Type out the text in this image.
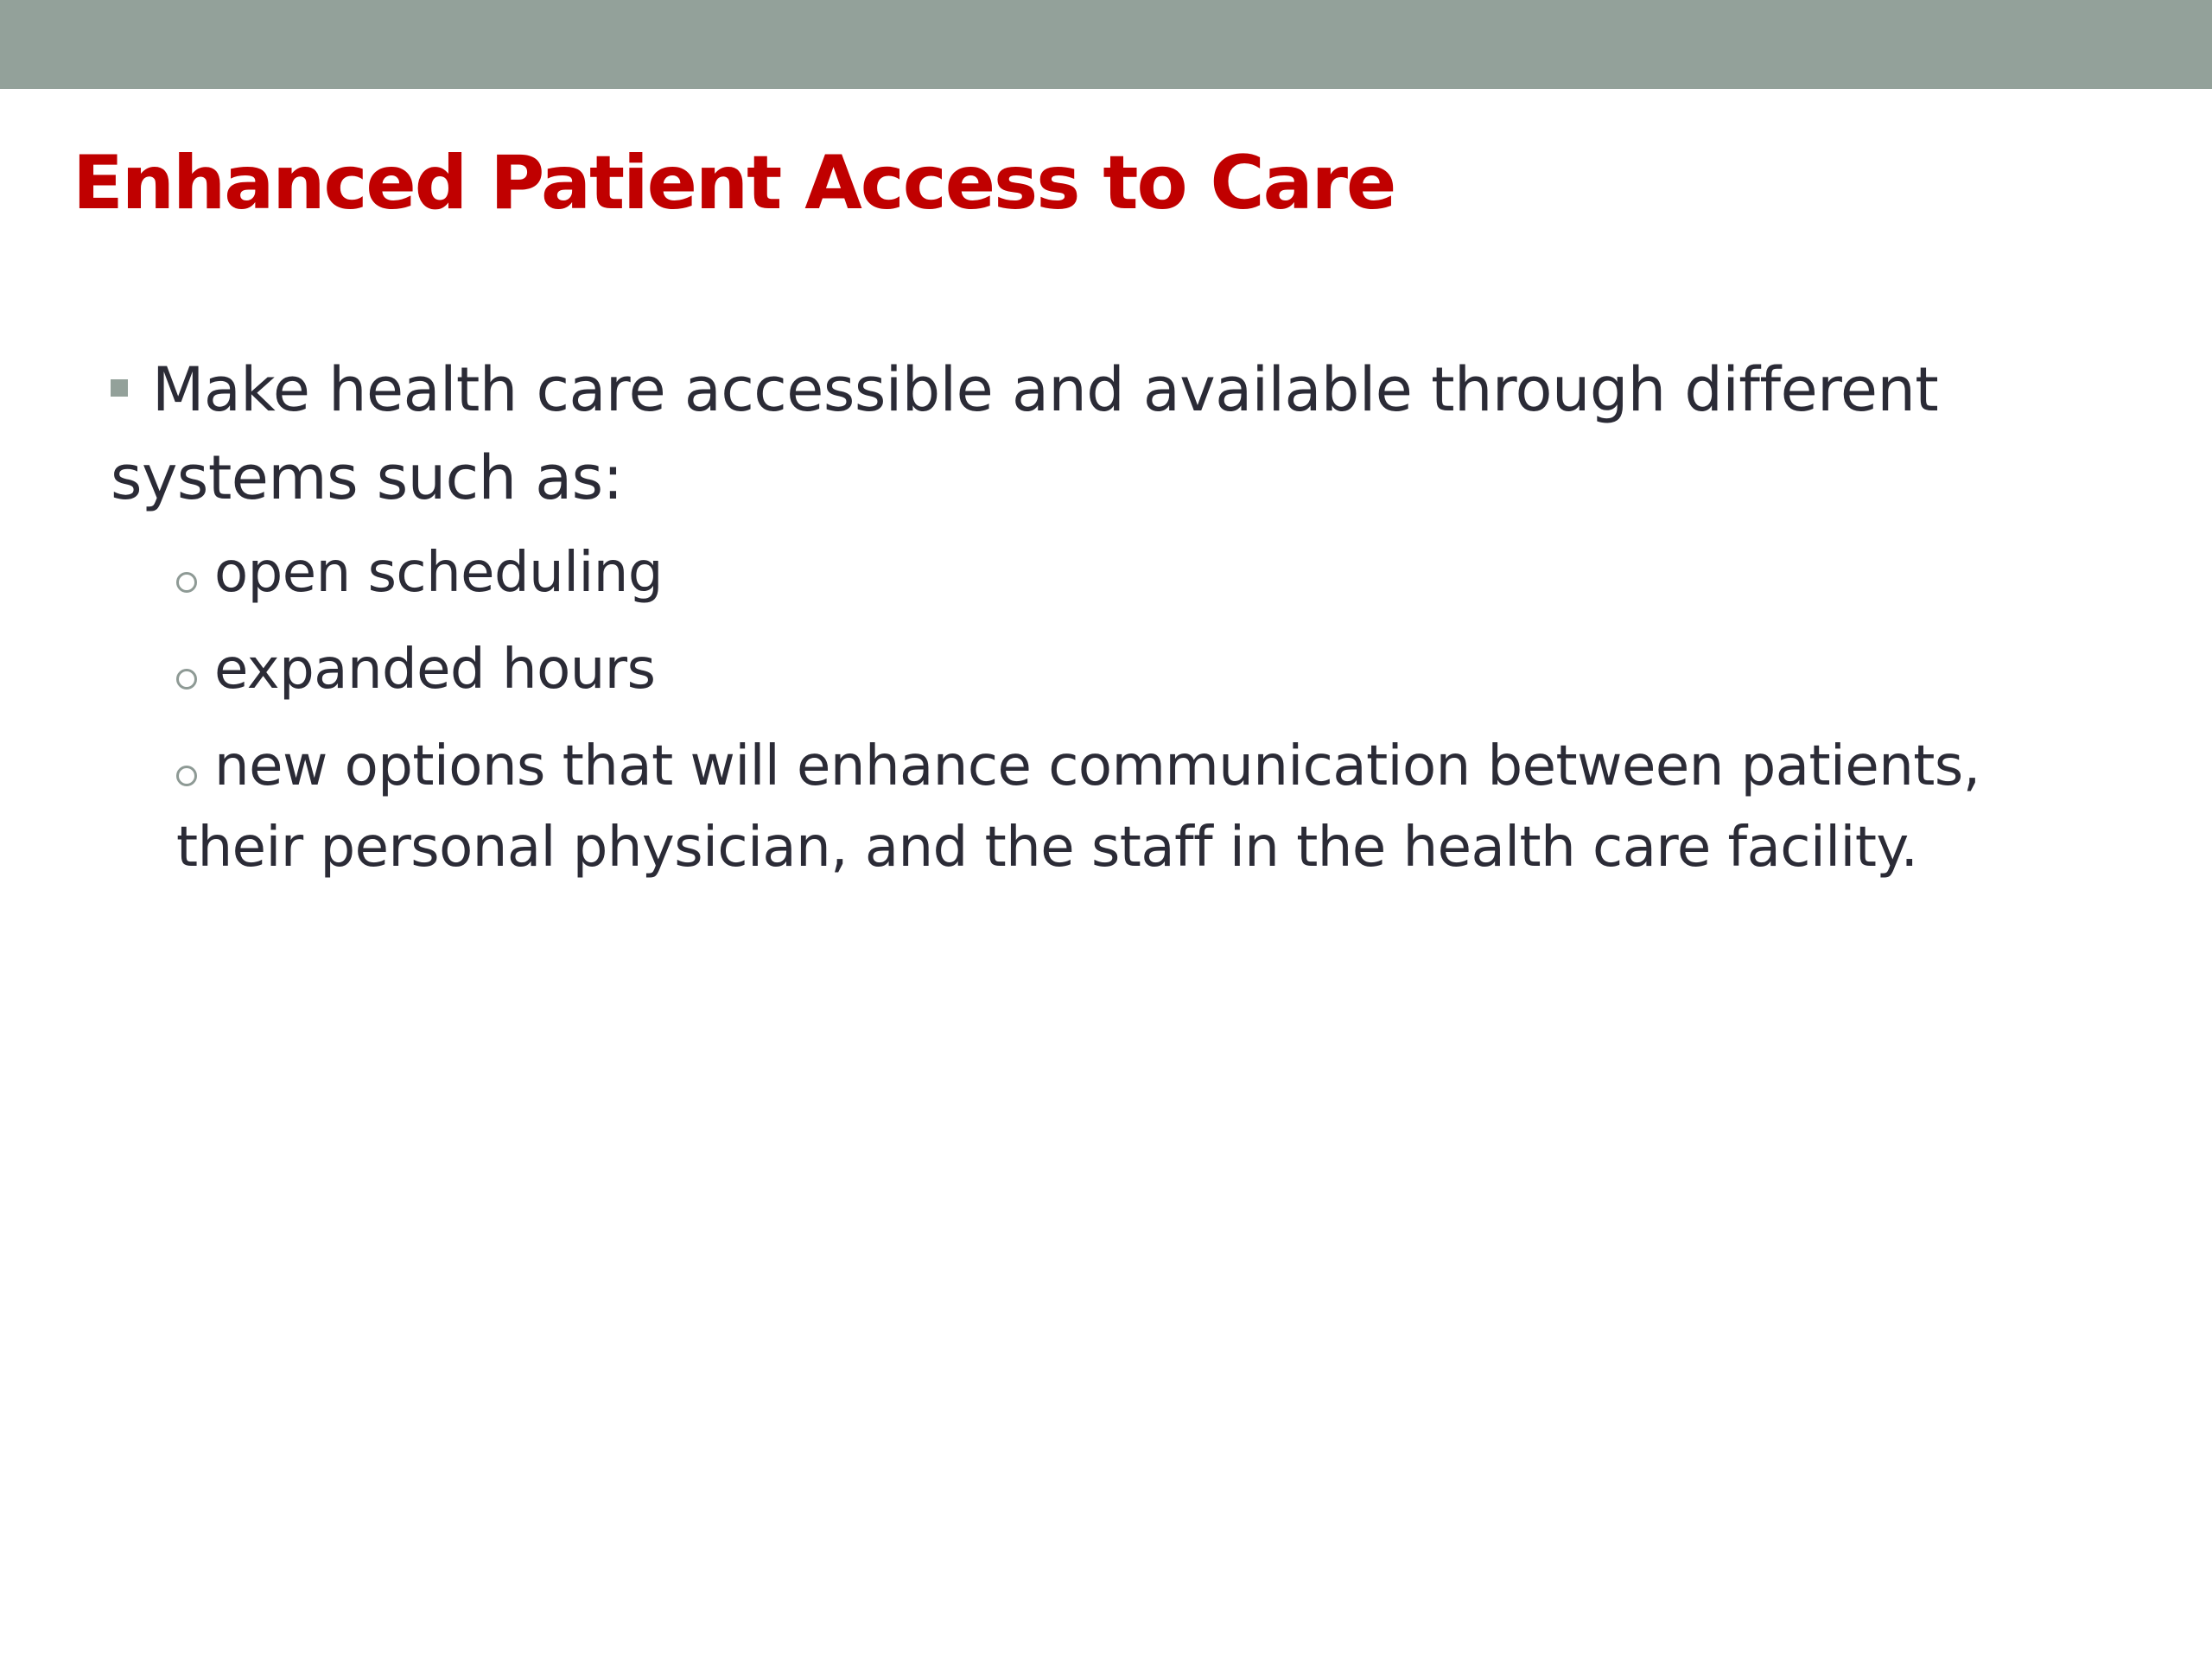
Enhanced Patient Access to Care

Make health care accessible and available through different systems such as:

open scheduling
expanded hours
new options that will enhance communication between patients, their personal physician, and the staff in the health care facility.
